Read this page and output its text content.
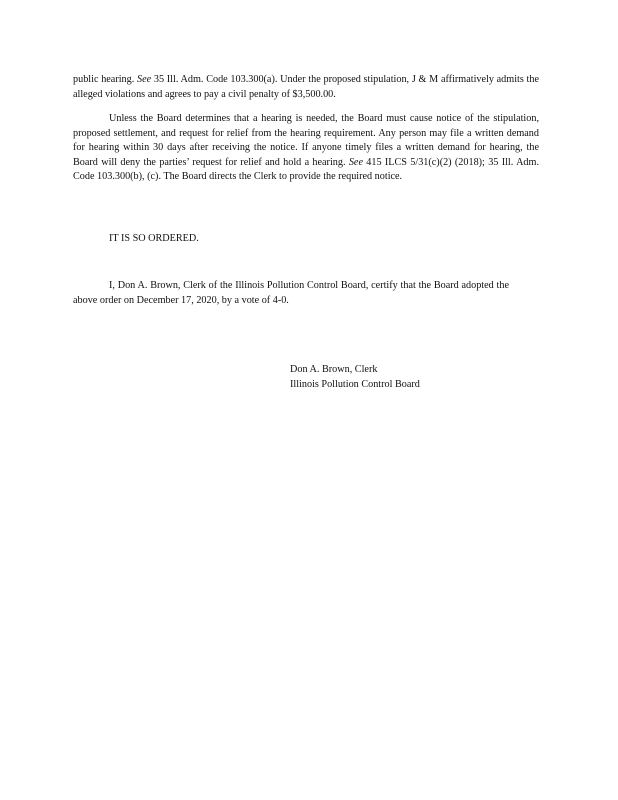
public hearing. See 35 Ill. Adm. Code 103.300(a). Under the proposed stipulation, J & M affirmatively admits the alleged violations and agrees to pay a civil penalty of $3,500.00.

Unless the Board determines that a hearing is needed, the Board must cause notice of the stipulation, proposed settlement, and request for relief from the hearing requirement. Any person may file a written demand for hearing within 30 days after receiving the notice. If anyone timely files a written demand for hearing, the Board will deny the parties’ request for relief and hold a hearing. See 415 ILCS 5/31(c)(2) (2018); 35 Ill. Adm. Code 103.300(b), (c). The Board directs the Clerk to provide the required notice.

IT IS SO ORDERED.

I, Don A. Brown, Clerk of the Illinois Pollution Control Board, certify that the Board adopted the above order on December 17, 2020, by a vote of 4-0.

Don A. Brown, Clerk
Illinois Pollution Control Board
